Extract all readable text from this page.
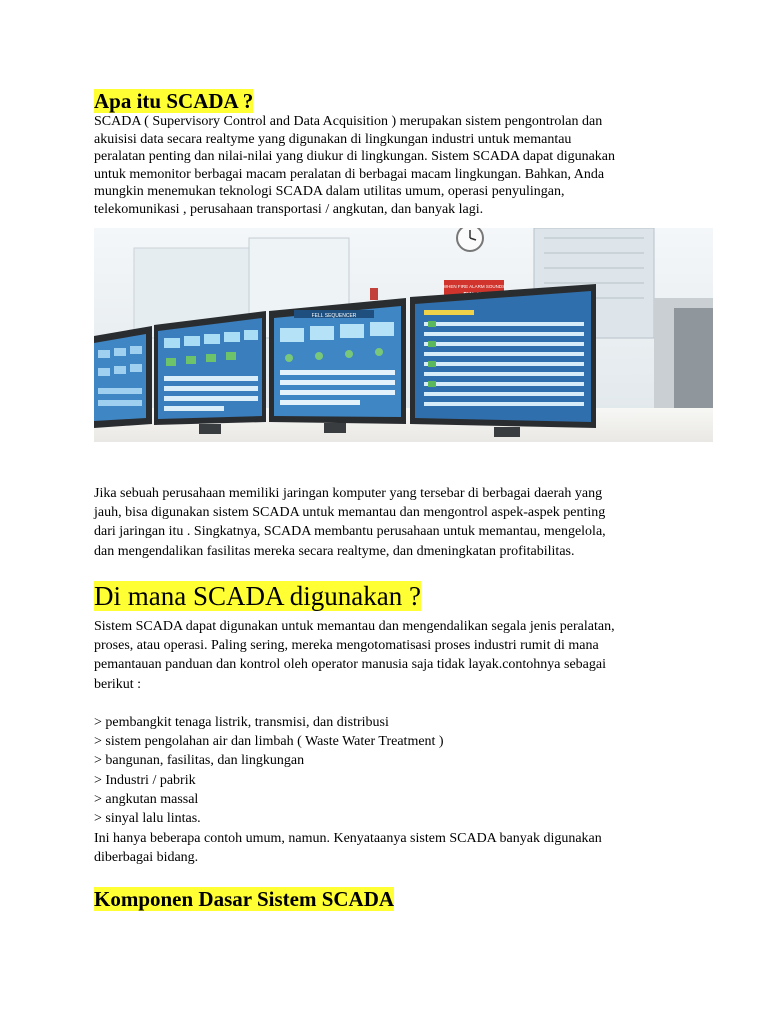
Apa itu SCADA ?
SCADA ( Supervisory Control and Data Acquisition ) merupakan sistem pengontrolan dan
akuisisi data secara realtyme yang digunakan di lingkungan industri untuk memantau
peralatan penting dan nilai-nilai yang diukur di lingkungan. Sistem SCADA dapat digunakan
untuk memonitor berbagai macam peralatan di berbagai macam lingkungan. Bahkan, Anda
mungkin menemukan teknologi SCADA dalam utilitas umum, operasi penyulingan,
telekomunikasi , perusahaan transportasi / angkutan, dan banyak lagi.
WHEN FIRE ALARM SOUNDS
FELL SEQUENCER
Jika sebuah perusahaan memiliki jaringan komputer yang tersebar di berbagai daerah yang
jauh, bisa digunakan sistem SCADA untuk memantau dan mengontrol aspek-aspek penting
dari jaringan itu . Singkatnya, SCADA membantu perusahaan untuk memantau, mengelola,
dan mengendalikan fasilitas mereka secara realtyme, dan dmeningkatan profitabilitas.
Di mana SCADA digunakan ?
Sistem SCADA dapat digunakan untuk memantau dan mengendalikan segala jenis peralatan,
proses, atau operasi. Paling sering, mereka mengotomatisasi proses industri rumit di mana
pemantauan panduan dan kontrol oleh operator manusia saja tidak layak.contohnya sebagai
berikut :
> pembangkit tenaga listrik, transmisi, dan distribusi
> sistem pengolahan air dan limbah ( Waste Water Treatment )
> bangunan, fasilitas, dan lingkungan
> Industri / pabrik
> angkutan massal
> sinyal lalu lintas.
Ini hanya beberapa contoh umum, namun. Kenyataanya sistem SCADA banyak digunakan
diberbagai bidang.
Komponen Dasar Sistem SCADA
